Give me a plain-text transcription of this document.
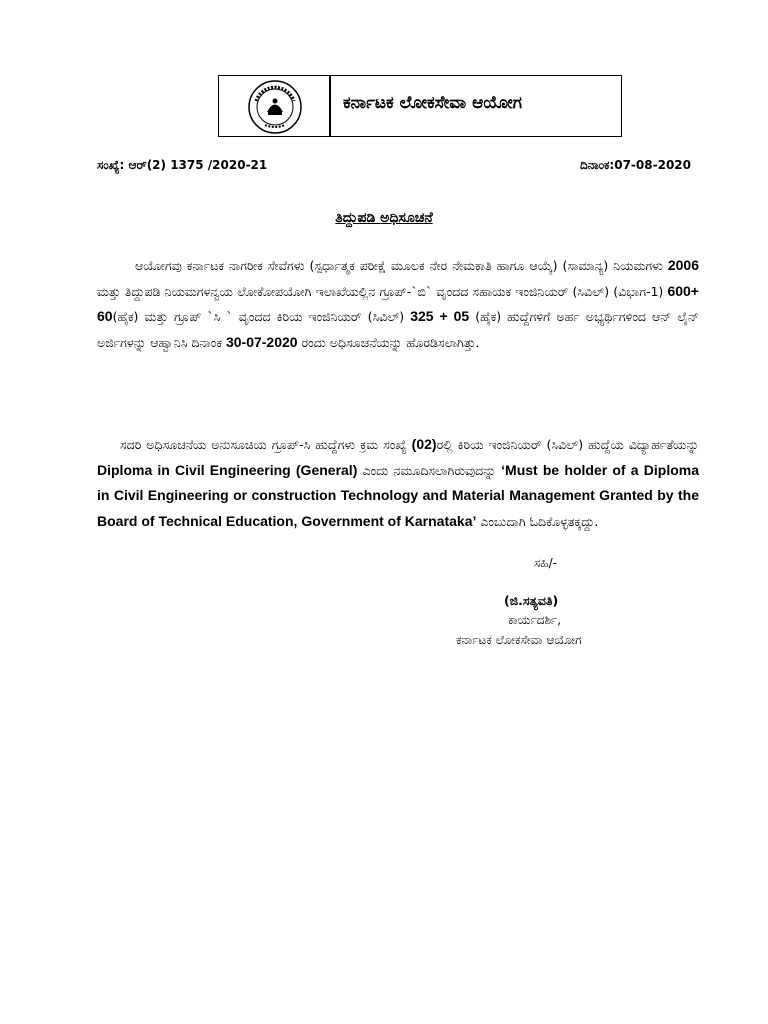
ಕರ್ನಾಟಕ ಲೋಕಸೇವಾ ಆಯೋಗ
ಸಂಖ್ಯೆ: ಆರ್(2) 1375 /2020-21	ದಿನಾಂಕ:07-08-2020
ತಿದ್ದುಪಡಿ ಅಧಿಸೂಚನೆ
ಆಯೋಗವು ಕರ್ನಾಟಕ ನಾಗರೀಕ ಸೇವೆಗಳು (ಸ್ಪರ್ಧಾತ್ಮಕ ಪರೀಕ್ಷೆ ಮೂಲಕ ನೇರ ನೇಮಕಾತಿ ಹಾಗೂ ಆಯ್ಕೆ) (ಸಾಮಾನ್ಯ) ನಿಯಮಗಳು 2006 ಮತ್ತು ತಿದ್ದುಪಡಿ ನಿಯಮಗಳನ್ವಯ ಲೋಕೋಪಯೋಗಿ ಇಲಾಖೆಯಲ್ಲಿನ ಗ್ರೂಪ್-`ಬಿ` ವೃಂದದ ಸಹಾಯಕ ಇಂಜಿನಿಯರ್ (ಸಿವಿಲ್) (ವಿಭಾಗ-1) 600+ 60(ಹೈಕ) ಮತ್ತು ಗ್ರೂಪ್ `ಸಿ ` ವೃಂದದ ಕಿರಿಯ ಇಂಜಿನಿಯರ್ (ಸಿವಿಲ್) 325 + 05 (ಹೈಕ) ಹುದ್ದೆಗಳಿಗೆ ಅರ್ಹ ಅಭ್ಯರ್ಥಿಗಳಿಂದ ಆನ್ ಲೈನ್ ಅರ್ಜಿಗಳನ್ನು ಆಹ್ವಾನಿಸಿ ದಿನಾಂಕ 30-07-2020 ರಂದು ಅಧಿಸೂಚನೆಯನ್ನು ಹೊರಡಿಸಲಾಗಿತ್ತು.
ಸದರಿ ಅಧಿಸೂಚನೆಯ ಅನುಸೂಚಿಯ ಗ್ರೂಪ್-ಸಿ ಹುದ್ದೆಗಳು ಕ್ರಮ ಸಂಖ್ಯೆ (02)ರಲ್ಲಿ ಕಿರಿಯ ಇಂಜಿನಿಯರ್ (ಸಿವಿಲ್) ಹುದ್ದೆಯ ವಿದ್ಯಾರ್ಹತೆಯನ್ನು Diploma in Civil Engineering (General) ಎಂದು ನಮೂದಿಸಲಾಗಿರುವುದನ್ನು ‘Must be holder of a Diploma in Civil Engineering or construction Technology and Material Management Granted by the Board of Technical Education, Government of Karnataka’ ಎಂಬುದಾಗಿ ಓದಿಕೊಳ್ಳತಕ್ಕದ್ದು.
ಸಹಿ/-
(ಜಿ.ಸತ್ಯವತಿ)
ಕಾರ್ಯದರ್ಶಿ,
ಕರ್ನಾಟಕ ಲೋಕಸೇವಾ ಆಯೋಗ
